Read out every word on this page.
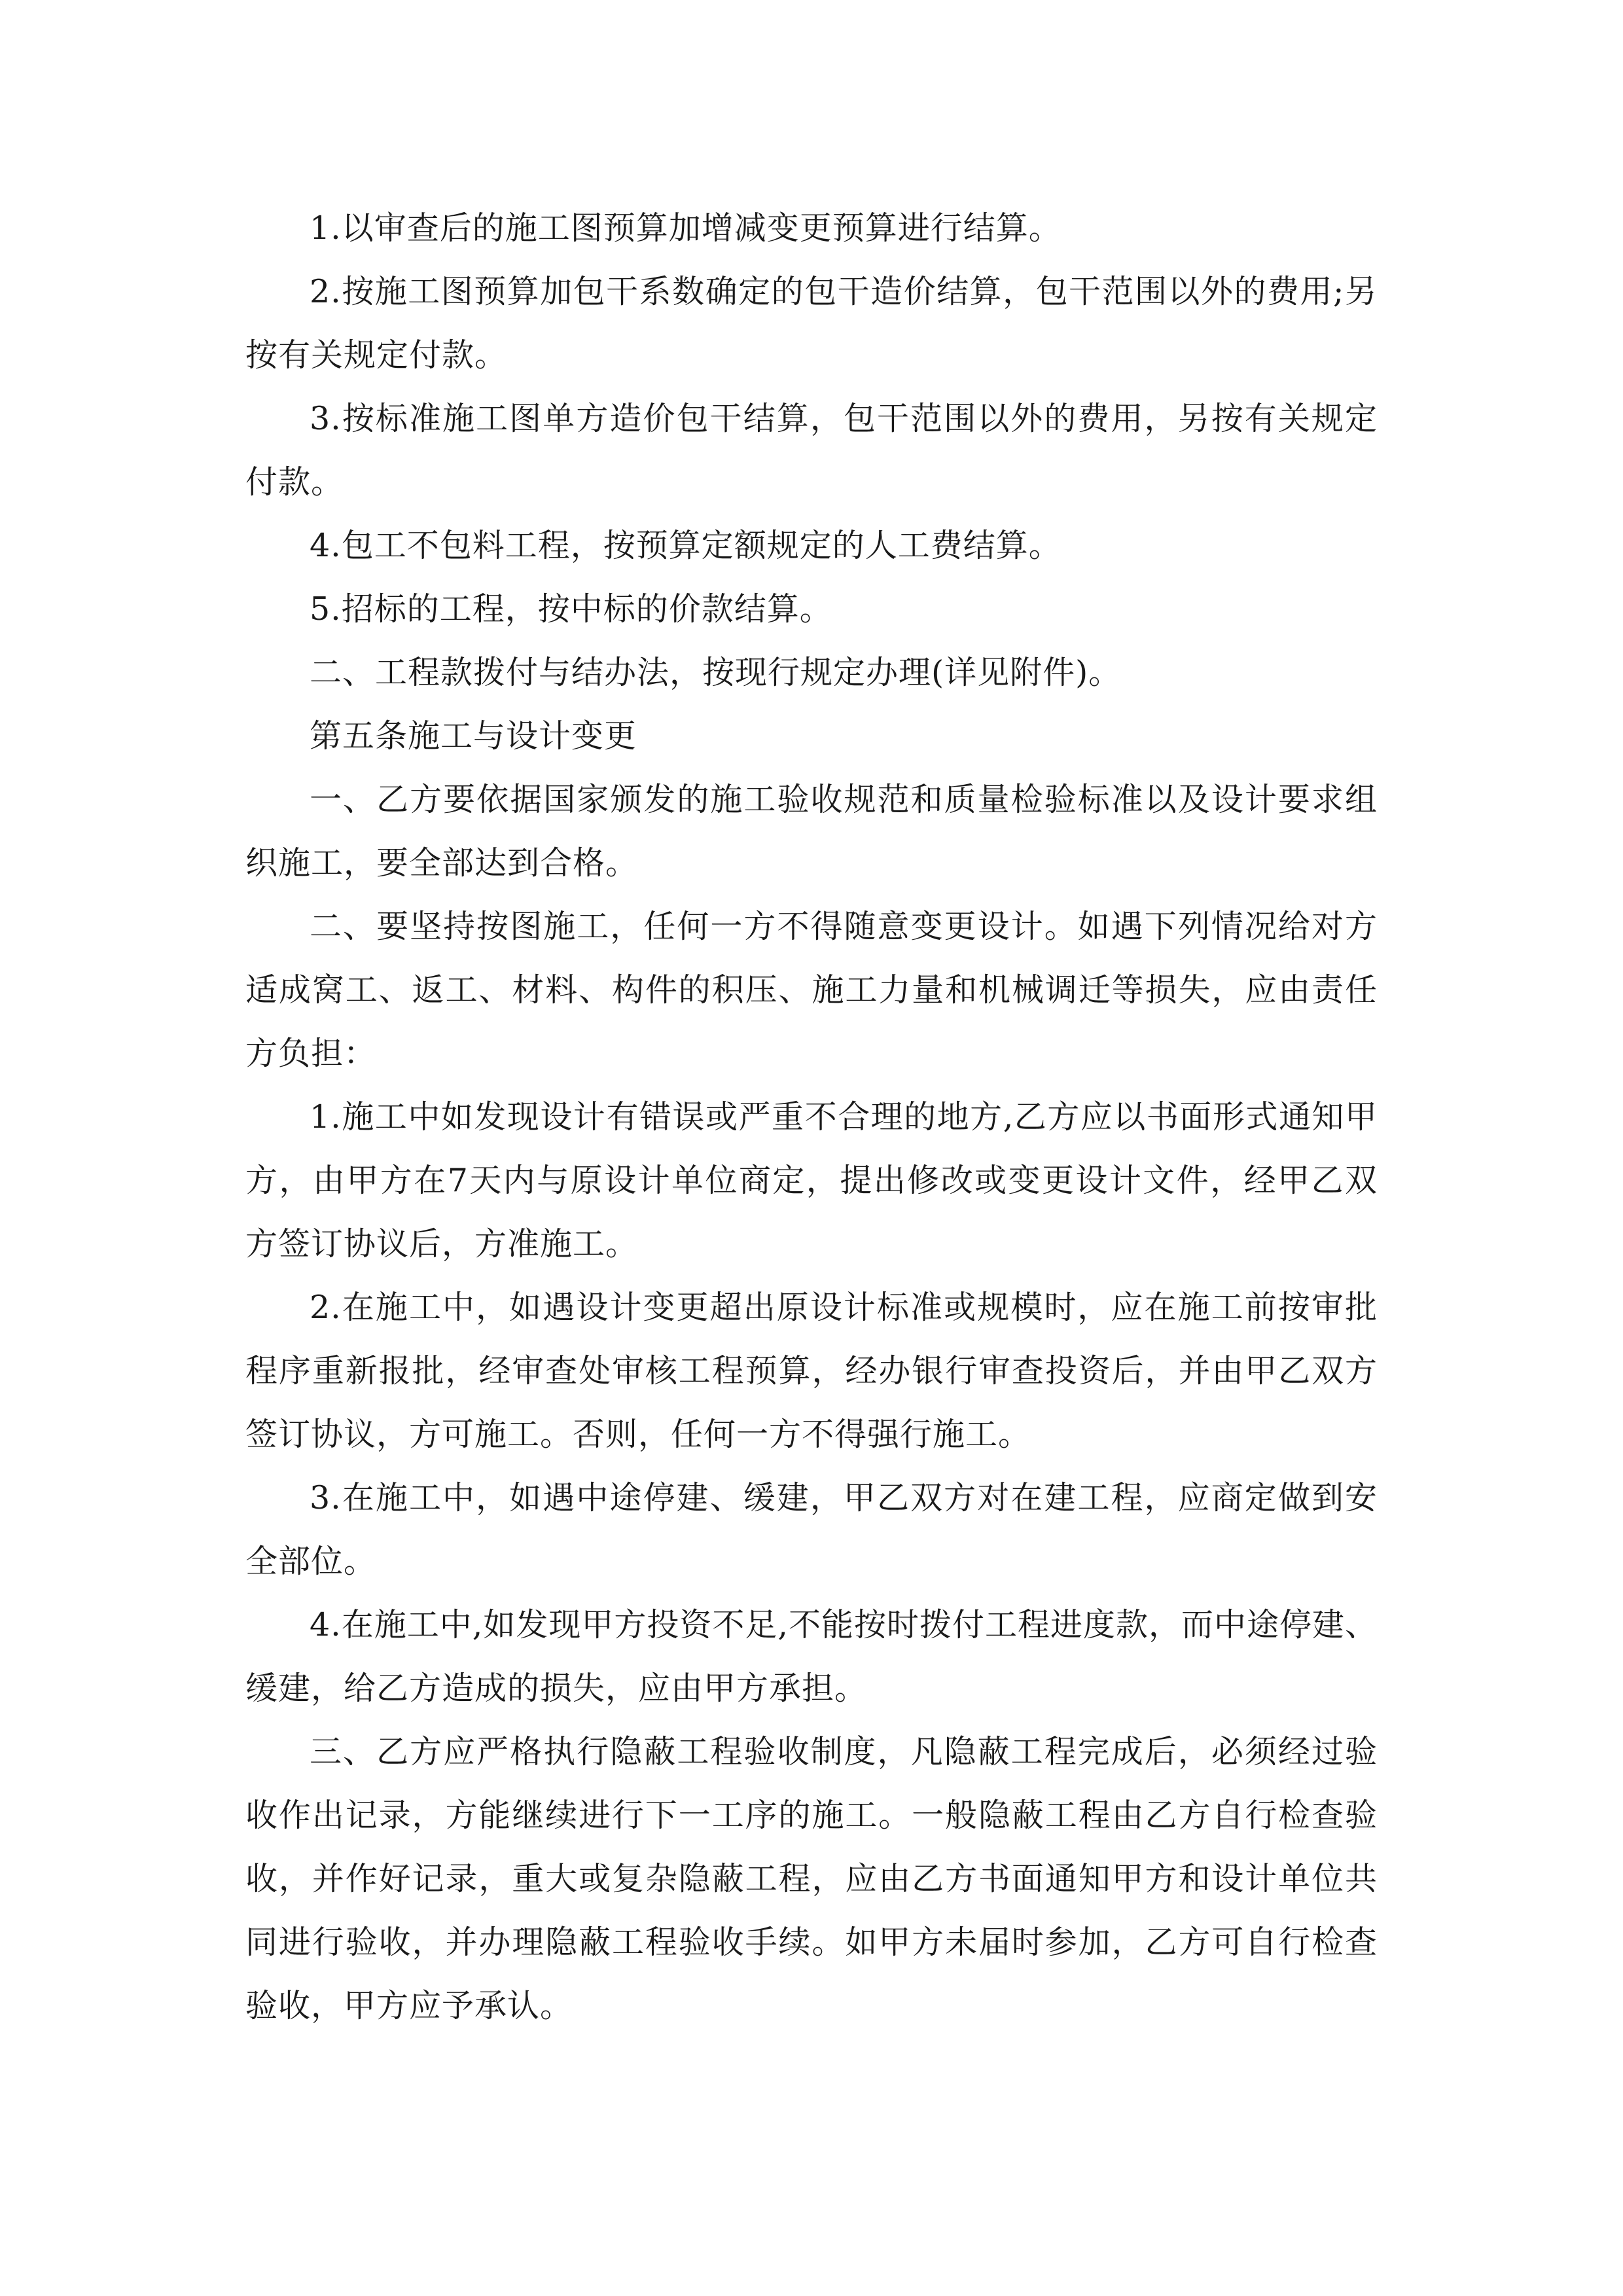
1.以审查后的施工图预算加增减变更预算进行结算。

2.按施工图预算加包干系数确定的包干造价结算，包干范围以外的费用;另按有关规定付款。

3.按标准施工图单方造价包干结算，包干范围以外的费用，另按有关规定付款。

4.包工不包料工程，按预算定额规定的人工费结算。

5.招标的工程，按中标的价款结算。

二、工程款拨付与结办法，按现行规定办理(详见附件)。

第五条施工与设计变更

一、乙方要依据国家颁发的施工验收规范和质量检验标准以及设计要求组织施工，要全部达到合格。

二、要坚持按图施工，任何一方不得随意变更设计。如遇下列情况给对方适成窝工、返工、材料、构件的积压、施工力量和机械调迁等损失，应由责任方负担：

1.施工中如发现设计有错误或严重不合理的地方,乙方应以书面形式通知甲方，由甲方在7天内与原设计单位商定，提出修改或变更设计文件，经甲乙双方签订协议后，方准施工。

2.在施工中，如遇设计变更超出原设计标准或规模时，应在施工前按审批程序重新报批，经审查处审核工程预算，经办银行审查投资后，并由甲乙双方签订协议，方可施工。否则，任何一方不得强行施工。

3.在施工中，如遇中途停建、缓建，甲乙双方对在建工程，应商定做到安全部位。

4.在施工中,如发现甲方投资不足,不能按时拨付工程进度款，而中途停建、缓建，给乙方造成的损失，应由甲方承担。

三、乙方应严格执行隐蔽工程验收制度，凡隐蔽工程完成后，必须经过验收作出记录，方能继续进行下一工序的施工。一般隐蔽工程由乙方自行检查验收，并作好记录，重大或复杂隐蔽工程，应由乙方书面通知甲方和设计单位共同进行验收，并办理隐蔽工程验收手续。如甲方未届时参加，乙方可自行检查验收，甲方应予承认。
